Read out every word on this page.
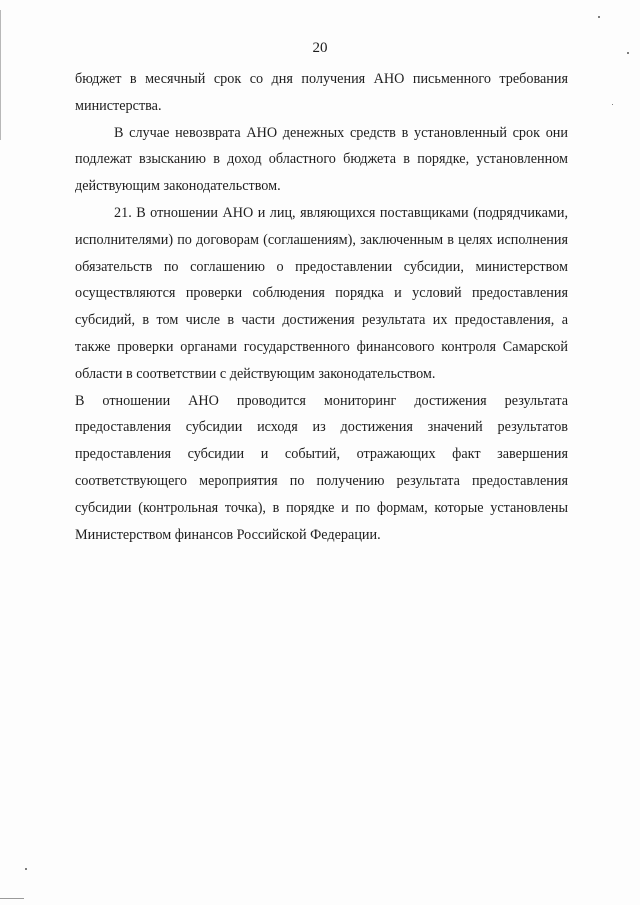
20

бюджет в месячный срок со дня получения АНО письменного требования министерства.

В случае невозврата АНО денежных средств в установленный срок они подлежат взысканию в доход областного бюджета в порядке, установленном действующим законодательством.

21. В отношении АНО и лиц, являющихся поставщиками (подрядчиками, исполнителями) по договорам (соглашениям), заключенным в целях исполнения обязательств по соглашению о предоставлении субсидии, министерством осуществляются проверки соблюдения порядка и условий предоставления субсидий, в том числе в части достижения результата их предоставления, а также проверки органами государственного финансового контроля Самарской области в соответствии с действующим законодательством.

В отношении АНО проводится мониторинг достижения результата предоставления субсидии исходя из достижения значений результатов предоставления субсидии и событий, отражающих факт завершения соответствующего мероприятия по получению результата предоставления субсидии (контрольная точка), в порядке и по формам, которые установлены Министерством финансов Российской Федерации.
